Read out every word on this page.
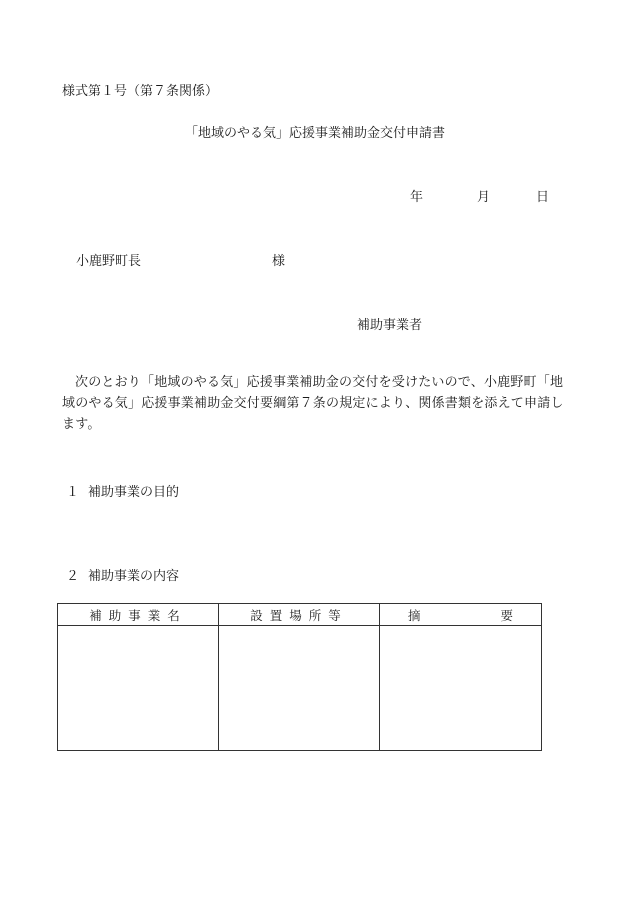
様式第１号（第７条関係）
「地域のやる気」応援事業補助金交付申請書
年	月	日
小鹿野町長	様
補助事業者
次のとおり「地域のやる気」応援事業補助金の交付を受けたいので、小鹿野町「地域のやる気」応援事業補助金交付要綱第７条の規定により、関係書類を添えて申請します。
１ 補助事業の目的
２ 補助事業の内容
補助事業名	設置場所等	摘 要
